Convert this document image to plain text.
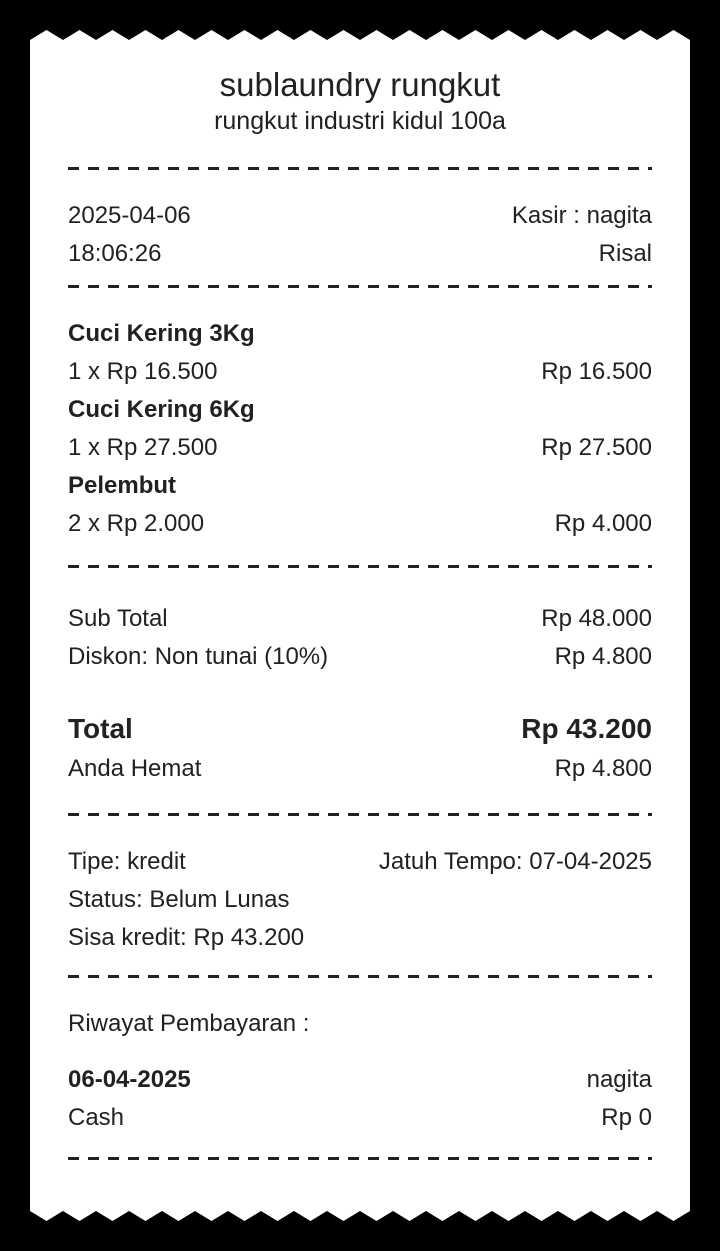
sublaundry rungkut
rungkut industri kidul 100a
2025-04-06	Kasir : nagita
18:06:26	Risal
Cuci Kering 3Kg
1 x Rp 16.500	Rp 16.500
Cuci Kering 6Kg
1 x Rp 27.500	Rp 27.500
Pelembut
2 x Rp 2.000	Rp 4.000
Sub Total	Rp 48.000
Diskon: Non tunai (10%)	Rp 4.800
Total	Rp 43.200
Anda Hemat	Rp 4.800
Tipe: kredit	Jatuh Tempo: 07-04-2025
Status: Belum Lunas
Sisa kredit: Rp 43.200
Riwayat Pembayaran :
06-04-2025	nagita
Cash	Rp 0
